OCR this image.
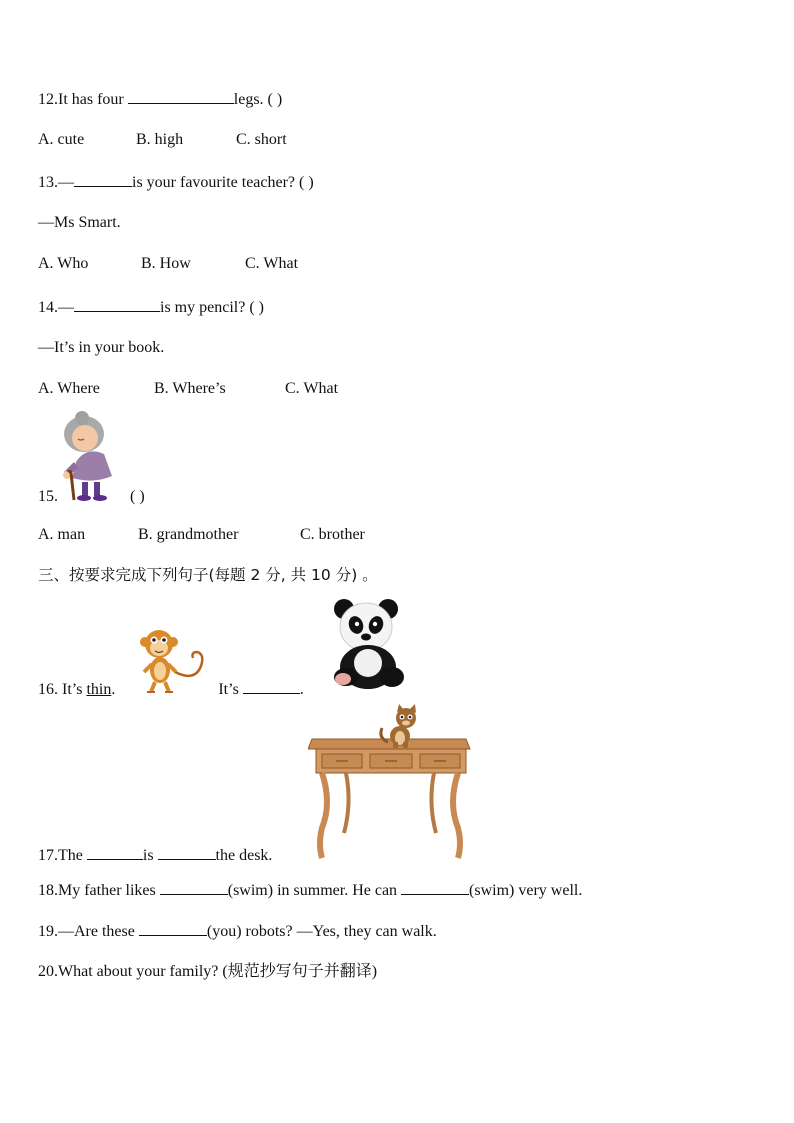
12.It has four	legs. ( )
A. cute	B. high	C. short
13.—	is your favourite teacher? ( )
—Ms Smart.
A. Who	B. How	C. What
14.—	is my pencil? ( )
—It’s in your book.
A. Where	B. Where’s	C. What
15.	( )
A. man	B. grandmother	C. brother
三、按要求完成下列句子(每题 2 分, 共 10 分) 。
16. It’s thin.	It’s	.
17.The	is	the desk.
18.My father likes	(swim) in summer. He can	(swim) very well.
19.—Are these	(you) robots? —Yes, they can walk.
20.What about your family? (规范抄写句子并翻译)
